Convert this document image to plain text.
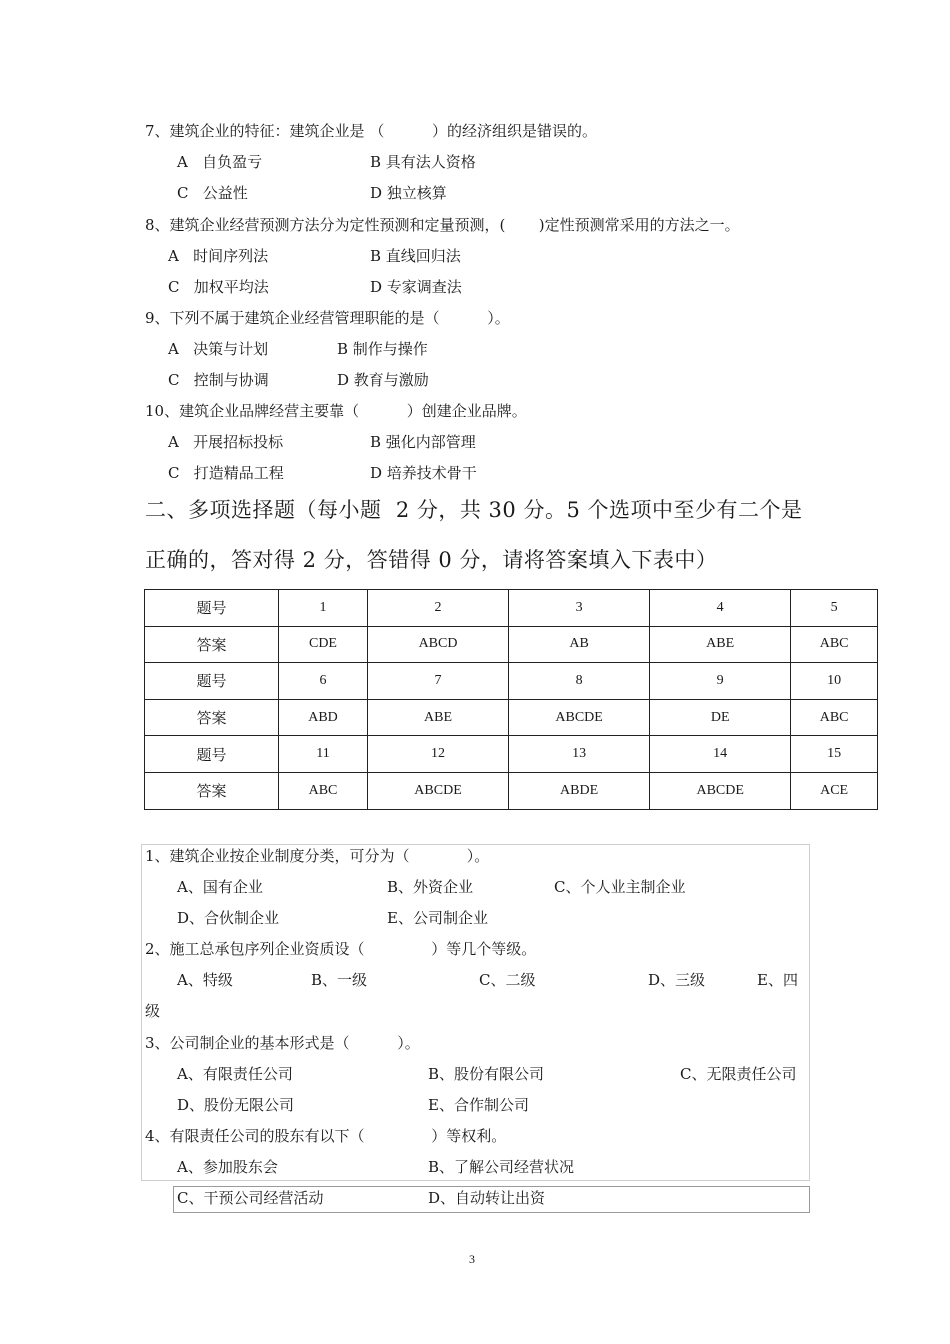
7、建筑企业的特征：建筑企业是 （          ）的经济组织是错误的。
A   自负盈亏	B 具有法人资格
C   公益性	D 独立核算
8、建筑企业经营预测方法分为定性预测和定量预测，(       )定性预测常采用的方法之一。
A   时间序列法	B 直线回归法
C   加权平均法	D 专家调查法
9、下列不属于建筑企业经营管理职能的是（          ）。
A   决策与计划	B 制作与操作
C   控制与协调	D 教育与激励
10、建筑企业品牌经营主要靠（          ）创建企业品牌。
A   开展招标投标	B 强化内部管理
C   打造精品工程	D 培养技术骨干
二、多项选择题（每小题  2 分，共 30 分。5 个选项中至少有二个是
正确的，答对得 2 分，答错得 0 分，请将答案填入下表中）
题号	1	2	3	4	5
答案	CDE	ABCD	AB	ABE	ABC
题号	6	7	8	9	10
答案	ABD	ABE	ABCDE	DE	ABC
题号	11	12	13	14	15
答案	ABC	ABCDE	ABDE	ABCDE	ACE
1、建筑企业按企业制度分类，可分为（            ）。
A、国有企业	B、外资企业	C、个人业主制企业
D、合伙制企业	E、公司制企业
2、施工总承包序列企业资质设（              ）等几个等级。
A、特级	B、一级	C、二级	D、三级	E、四
级
3、公司制企业的基本形式是（          ）。
A、有限责任公司	B、股份有限公司	C、无限责任公司
D、股份无限公司	E、合作制公司
4、有限责任公司的股东有以下（              ）等权利。
A、参加股东会	B、了解公司经营状况
C、干预公司经营活动	D、自动转让出资
3
